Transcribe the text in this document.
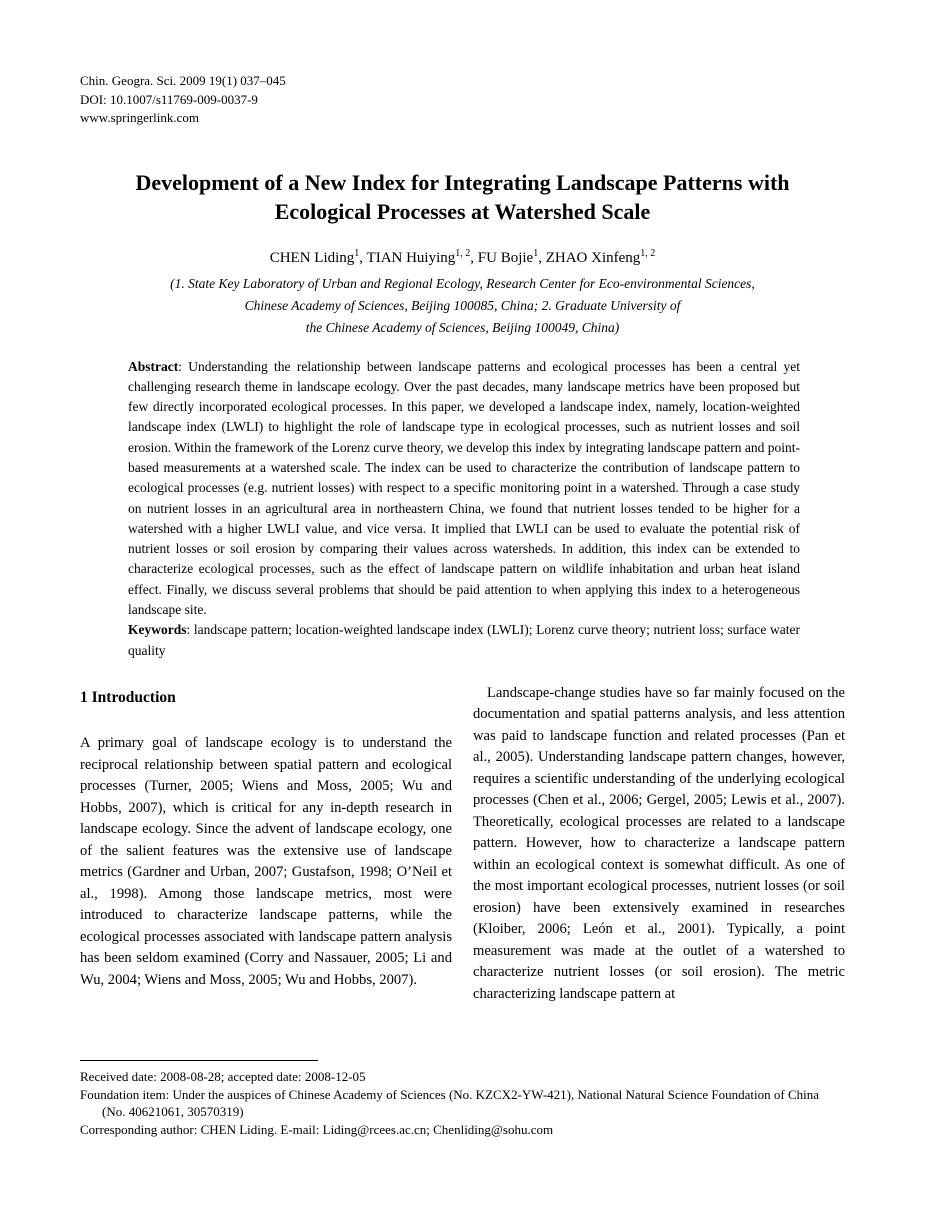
Chin. Geogra. Sci. 2009 19(1) 037–045
DOI: 10.1007/s11769-009-0037-9
www.springerlink.com
Development of a New Index for Integrating Landscape Patterns with Ecological Processes at Watershed Scale
CHEN Liding$^1$, TIAN Huiying$^{1, 2}$, FU Bojie$^1$, ZHAO Xinfeng$^{1, 2}$
(1. State Key Laboratory of Urban and Regional Ecology, Research Center for Eco-environmental Sciences,
Chinese Academy of Sciences, Beijing 100085, China; 2. Graduate University of
the Chinese Academy of Sciences, Beijing 100049, China)

Abstract: Understanding the relationship between landscape patterns and ecological processes has been a central yet challenging research theme in landscape ecology. Over the past decades, many landscape metrics have been proposed but few directly incorporated ecological processes. In this paper, we developed a landscape index, namely, location-weighted landscape index (LWLI) to highlight the role of landscape type in ecological processes, such as nutrient losses and soil erosion. Within the framework of the Lorenz curve theory, we develop this index by integrating landscape pattern and point-based measurements at a watershed scale. The index can be used to characterize the contribution of landscape pattern to ecological processes (e.g. nutrient losses) with respect to a specific monitoring point in a watershed. Through a case study on nutrient losses in an agricultural area in northeastern China, we found that nutrient losses tended to be higher for a watershed with a higher LWLI value, and vice versa. It implied that LWLI can be used to evaluate the potential risk of nutrient losses or soil erosion by comparing their values across watersheds. In addition, this index can be extended to characterize ecological processes, such as the effect of landscape pattern on wildlife inhabitation and urban heat island effect. Finally, we discuss several problems that should be paid attention to when applying this index to a heterogeneous landscape site.

Keywords: landscape pattern; location-weighted landscape index (LWLI); Lorenz curve theory; nutrient loss; surface water quality

1 Introduction

A primary goal of landscape ecology is to understand the reciprocal relationship between spatial pattern and ecological processes (Turner, 2005; Wiens and Moss, 2005; Wu and Hobbs, 2007), which is critical for any in-depth research in landscape ecology. Since the advent of landscape ecology, one of the salient features was the extensive use of landscape metrics (Gardner and Urban, 2007; Gustafson, 1998; O’Neil et al., 1998). Among those landscape metrics, most were introduced to characterize landscape patterns, while the ecological processes associated with landscape pattern analysis has been seldom examined (Corry and Nassauer, 2005; Li and Wu, 2004; Wiens and Moss, 2005; Wu and Hobbs, 2007).

Landscape-change studies have so far mainly focused on the documentation and spatial patterns analysis, and less attention was paid to landscape function and related processes (Pan et al., 2005). Understanding landscape pattern changes, however, requires a scientific understanding of the underlying ecological processes (Chen et al., 2006; Gergel, 2005; Lewis et al., 2007). Theoretically, ecological processes are related to a landscape pattern. However, how to characterize a landscape pattern within an ecological context is somewhat difficult. As one of the most important ecological processes, nutrient losses (or soil erosion) have been extensively examined in researches (Kloiber, 2006; León et al., 2001). Typically, a point measurement was made at the outlet of a watershed to characterize nutrient losses (or soil erosion). The metric characterizing landscape pattern at

Received date: 2008-08-28; accepted date: 2008-12-05
Foundation item: Under the auspices of Chinese Academy of Sciences (No. KZCX2-YW-421), National Natural Science Foundation of China (No. 40621061, 30570319)
Corresponding author: CHEN Liding. E-mail: Liding@rcees.ac.cn; Chenliding@sohu.com
